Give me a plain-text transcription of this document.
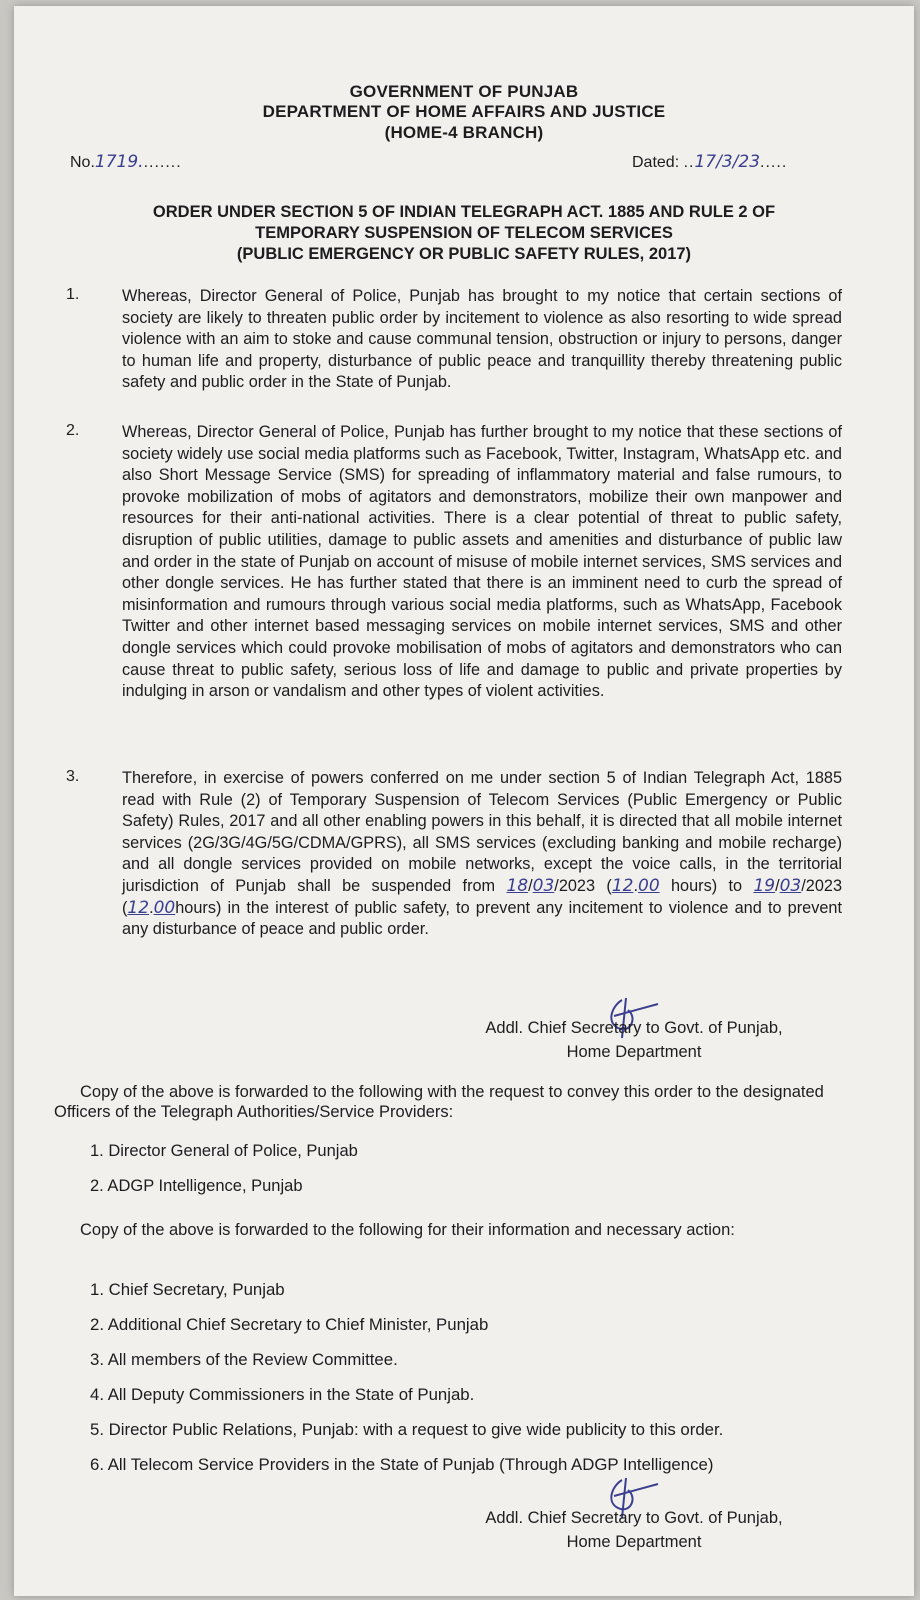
GOVERNMENT OF PUNJAB
DEPARTMENT OF HOME AFFAIRS AND JUSTICE
(HOME-4 BRANCH)
No.1719........	Dated: ..17/3/23.....
ORDER UNDER SECTION 5 OF INDIAN TELEGRAPH ACT. 1885 AND RULE 2 OF
TEMPORARY SUSPENSION OF TELECOM SERVICES
(PUBLIC EMERGENCY OR PUBLIC SAFETY RULES, 2017)
1.	Whereas, Director General of Police, Punjab has brought to my notice that certain sections of society are likely to threaten public order by incitement to violence as also resorting to wide spread violence with an aim to stoke and cause communal tension, obstruction or injury to persons, danger to human life and property, disturbance of public peace and tranquillity thereby threatening public safety and public order in the State of Punjab.
2.	Whereas, Director General of Police, Punjab has further brought to my notice that these sections of society widely use social media platforms such as Facebook, Twitter, Instagram, WhatsApp etc. and also Short Message Service (SMS) for spreading of inflammatory material and false rumours, to provoke mobilization of mobs of agitators and demonstrators, mobilize their own manpower and resources for their anti-national activities. There is a clear potential of threat to public safety, disruption of public utilities, damage to public assets and amenities and disturbance of public law and order in the state of Punjab on account of misuse of mobile internet services, SMS services and other dongle services. He has further stated that there is an imminent need to curb the spread of misinformation and rumours through various social media platforms, such as WhatsApp, Facebook Twitter and other internet based messaging services on mobile internet services, SMS and other dongle services which could provoke mobilisation of mobs of agitators and demonstrators who can cause threat to public safety, serious loss of life and damage to public and private properties by indulging in arson or vandalism and other types of violent activities.
3.	Therefore, in exercise of powers conferred on me under section 5 of Indian Telegraph Act, 1885 read with Rule (2) of Temporary Suspension of Telecom Services (Public Emergency or Public Safety) Rules, 2017 and all other enabling powers in this behalf, it is directed that all mobile internet services (2G/3G/4G/5G/CDMA/GPRS), all SMS services (excluding banking and mobile recharge) and all dongle services provided on mobile networks, except the voice calls, in the territorial jurisdiction of Punjab shall be suspended from 18/03/2023 (12.00 hours) to 19/03/2023 (12.00hours) in the interest of public safety, to prevent any incitement to violence and to prevent any disturbance of peace and public order.
Addl. Chief Secretary to Govt. of Punjab,
Home Department
Copy of the above is forwarded to the following with the request to convey this order to the designated Officers of the Telegraph Authorities/Service Providers:
1. Director General of Police, Punjab
2. ADGP Intelligence, Punjab
Copy of the above is forwarded to the following for their information and necessary action:
1. Chief Secretary, Punjab
2. Additional Chief Secretary to Chief Minister, Punjab
3. All members of the Review Committee.
4. All Deputy Commissioners in the State of Punjab.
5. Director Public Relations, Punjab: with a request to give wide publicity to this order.
6. All Telecom Service Providers in the State of Punjab (Through ADGP Intelligence)
Addl. Chief Secretary to Govt. of Punjab,
Home Department
